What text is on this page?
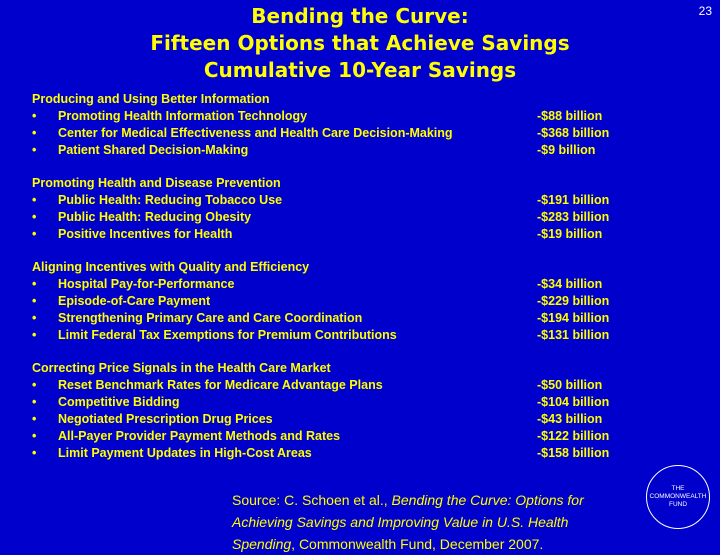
Bending the Curve:
Fifteen Options that Achieve Savings
Cumulative 10-Year Savings
23
Producing and Using Better Information
• Promoting Health Information Technology	-$88 billion
• Center for Medical Effectiveness and Health Care Decision-Making	-$368 billion
• Patient Shared Decision-Making	-$9 billion
Promoting Health and Disease Prevention
• Public Health: Reducing Tobacco Use	-$191 billion
• Public Health: Reducing Obesity	-$283 billion
• Positive Incentives for Health	-$19 billion
Aligning Incentives with Quality and Efficiency
• Hospital Pay-for-Performance	-$34 billion
• Episode-of-Care Payment	-$229 billion
• Strengthening Primary Care and Care Coordination	-$194 billion
• Limit Federal Tax Exemptions for Premium Contributions	-$131 billion
Correcting Price Signals in the Health Care Market
• Reset Benchmark Rates for Medicare Advantage Plans	-$50 billion
• Competitive Bidding	-$104 billion
• Negotiated Prescription Drug Prices	-$43 billion
• All-Payer Provider Payment Methods and Rates	-$122 billion
• Limit Payment Updates in High-Cost Areas	-$158 billion
Source: C. Schoen et al., Bending the Curve: Options for Achieving Savings and Improving Value in U.S. Health Spending, Commonwealth Fund, December 2007.
THE
COMMONWEALTH
FUND
